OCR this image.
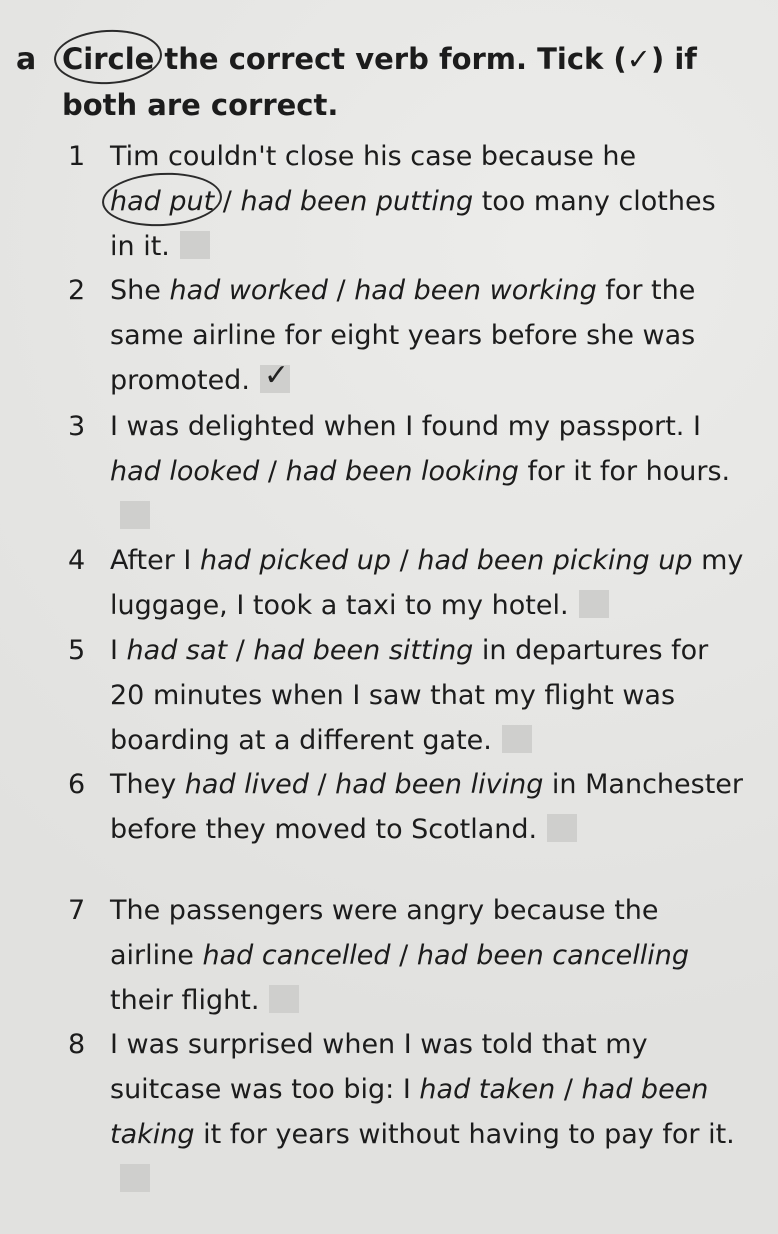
a Circle the correct verb form. Tick (✓) if both are correct.
1 Tim couldn't close his case because he had put / had been putting too many clothes in it.
2 She had worked / had been working for the same airline for eight years before she was promoted. ✓
3 I was delighted when I found my passport. I had looked / had been looking for it for hours.
4 After I had picked up / had been picking up my luggage, I took a taxi to my hotel.
5 I had sat / had been sitting in departures for 20 minutes when I saw that my flight was boarding at a different gate.
6 They had lived / had been living in Manchester before they moved to Scotland.
7 The passengers were angry because the airline had cancelled / had been cancelling their flight.
8 I was surprised when I was told that my suitcase was too big: I had taken / had been taking it for years without having to pay for it.
